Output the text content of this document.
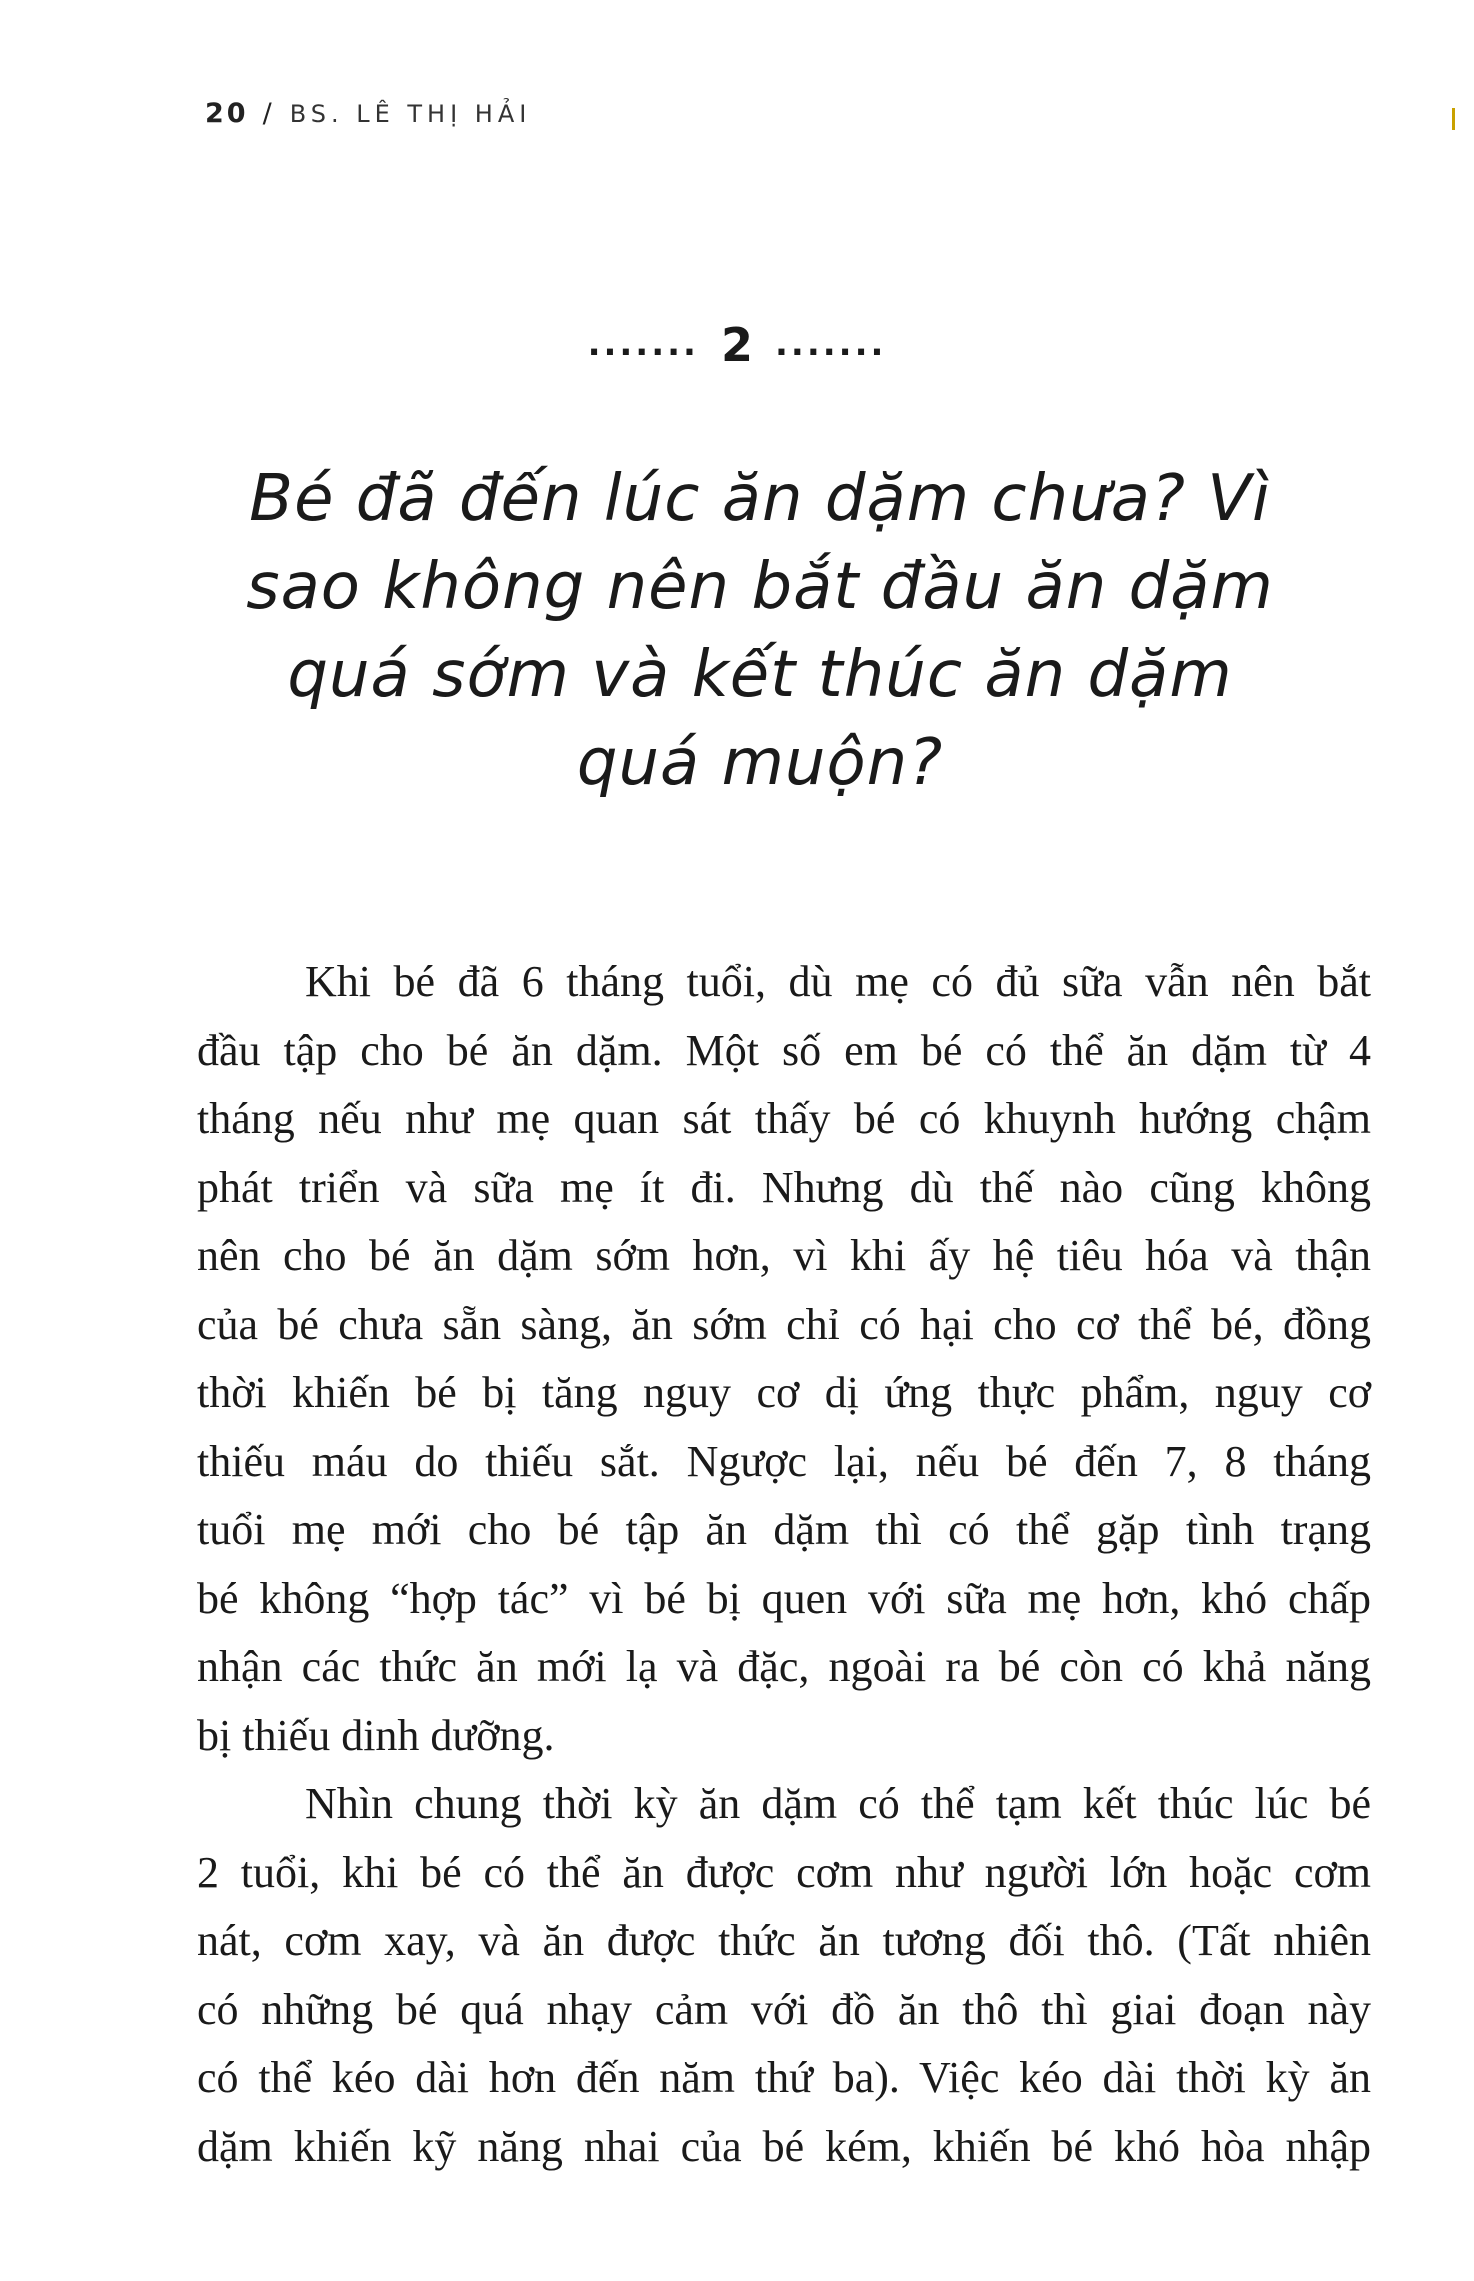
20 / BS. LÊ THỊ HẢI
....... 2 .......
Bé đã đến lúc ăn dặm chưa? Vì
sao không nên bắt đầu ăn dặm
quá sớm và kết thúc ăn dặm
quá muộn?
Khi bé đã 6 tháng tuổi, dù mẹ có đủ sữa vẫn nên bắt
đầu tập cho bé ăn dặm. Một số em bé có thể ăn dặm từ 4
tháng nếu như mẹ quan sát thấy bé có khuynh hướng chậm
phát triển và sữa mẹ ít đi. Nhưng dù thế nào cũng không
nên cho bé ăn dặm sớm hơn, vì khi ấy hệ tiêu hóa và thận
của bé chưa sẵn sàng, ăn sớm chỉ có hại cho cơ thể bé, đồng
thời khiến bé bị tăng nguy cơ dị ứng thực phẩm, nguy cơ
thiếu máu do thiếu sắt. Ngược lại, nếu bé đến 7, 8 tháng
tuổi mẹ mới cho bé tập ăn dặm thì có thể gặp tình trạng
bé không “hợp tác” vì bé bị quen với sữa mẹ hơn, khó chấp
nhận các thức ăn mới lạ và đặc, ngoài ra bé còn có khả năng
bị thiếu dinh dưỡng.
Nhìn chung thời kỳ ăn dặm có thể tạm kết thúc lúc bé
2 tuổi, khi bé có thể ăn được cơm như người lớn hoặc cơm
nát, cơm xay, và ăn được thức ăn tương đối thô. (Tất nhiên
có những bé quá nhạy cảm với đồ ăn thô thì giai đoạn này
có thể kéo dài hơn đến năm thứ ba). Việc kéo dài thời kỳ ăn
dặm khiến kỹ năng nhai của bé kém, khiến bé khó hòa nhập
